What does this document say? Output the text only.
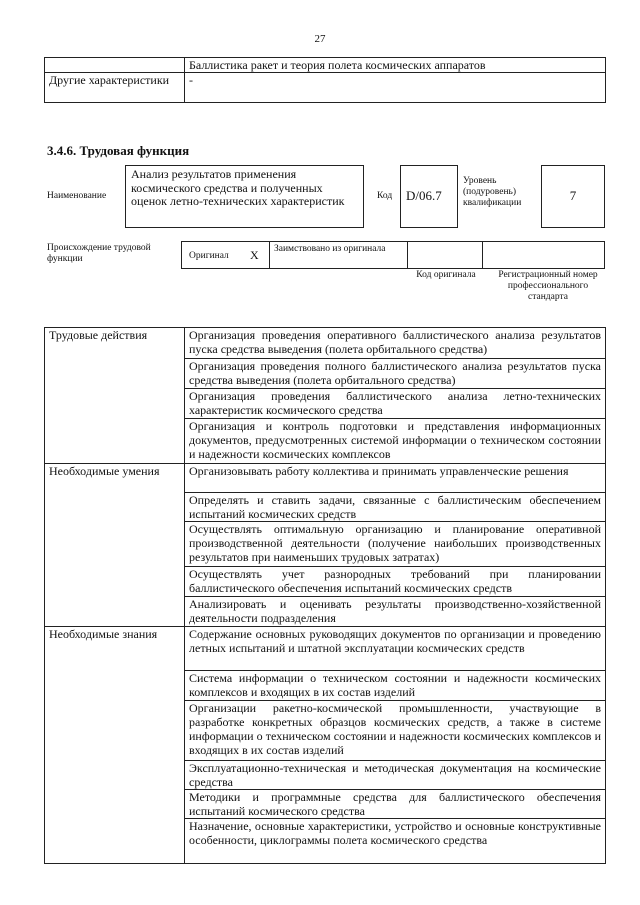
27
	Баллистика ракет и теория полета космических аппаратов
Другие характеристики	-
3.4.6. Трудовая функция
Наименование
Анализ результатов применения космического средства и полученных оценок летно-технических характеристик	Код	D/06.7
Уровень (подуровень) квалификации	7
Происхождение трудовой функции	Оригинал X Заимствовано из оригинала
Код оригинала	Регистрационный номер профессионального стандарта
Трудовые действия	Организация проведения оперативного баллистического анализа результатов пуска средства выведения (полета орбитального средства)
	Организация проведения полного баллистического анализа результатов пуска средства выведения (полета орбитального средства)
	Организация проведения баллистического анализа летно-технических характеристик космического средства
	Организация и контроль подготовки и представления информационных документов, предусмотренных системой информации о техническом состоянии и надежности космических комплексов
Необходимые умения	Организовывать работу коллектива и принимать управленческие решения
	Определять и ставить задачи, связанные с баллистическим обеспечением испытаний космических средств
	Осуществлять оптимальную организацию и планирование оперативной производственной деятельности (получение наибольших производственных результатов при наименьших трудовых затратах)
	Осуществлять учет разнородных требований при планировании баллистического обеспечения испытаний космических средств
	Анализировать и оценивать результаты производственно-хозяйственной деятельности подразделения
Необходимые знания	Содержание основных руководящих документов по организации и проведению летных испытаний и штатной эксплуатации космических средств
	Система информации о техническом состоянии и надежности космических комплексов и входящих в их состав изделий
	Организации ракетно-космической промышленности, участвующие в разработке конкретных образцов космических средств, а также в системе информации о техническом состоянии и надежности космических комплексов и входящих в их состав изделий
	Эксплуатационно-техническая и методическая документация на космические средства
	Методики и программные средства для баллистического обеспечения испытаний космического средства
	Назначение, основные характеристики, устройство и основные конструктивные особенности, циклограммы полета космического средства
